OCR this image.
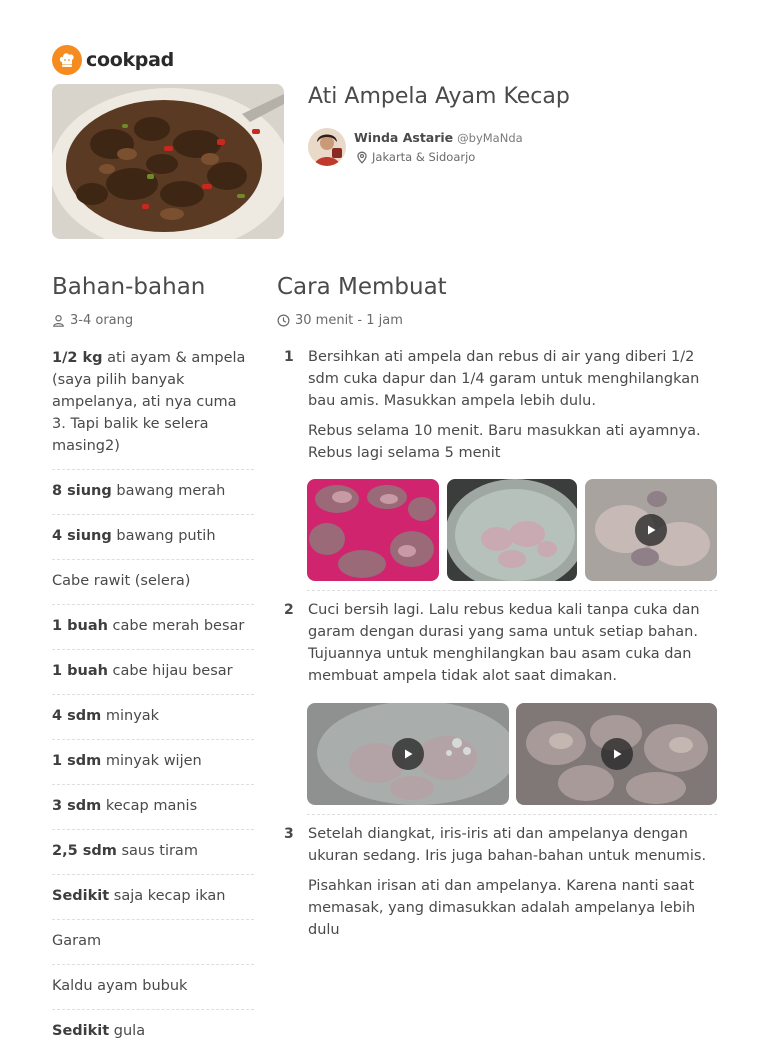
cookpad
Ati Ampela Ayam Kecap
Winda Astarie @byMaNda
Jakarta & Sidoarjo
Bahan-bahan
3-4 orang
1/2 kg ati ayam & ampela (saya pilih banyak ampelanya, ati nya cuma 3. Tapi balik ke selera masing2)
8 siung bawang merah
4 siung bawang putih
Cabe rawit (selera)
1 buah cabe merah besar
1 buah cabe hijau besar
4 sdm minyak
1 sdm minyak wijen
3 sdm kecap manis
2,5 sdm saus tiram
Sedikit saja kecap ikan
Garam
Kaldu ayam bubuk
Sedikit gula
Cara Membuat
30 menit - 1 jam
1 Bersihkan ati ampela dan rebus di air yang diberi 1/2 sdm cuka dapur dan 1/4 garam untuk menghilangkan bau amis. Masukkan ampela lebih dulu.

Rebus selama 10 menit. Baru masukkan ati ayamnya. Rebus lagi selama 5 menit

2 Cuci bersih lagi. Lalu rebus kedua kali tanpa cuka dan garam dengan durasi yang sama untuk setiap bahan. Tujuannya untuk menghilangkan bau asam cuka dan membuat ampela tidak alot saat dimakan.

3 Setelah diangkat, iris-iris ati dan ampelanya dengan ukuran sedang. Iris juga bahan-bahan untuk menumis.

Pisahkan irisan ati dan ampelanya. Karena nanti saat memasak, yang dimasukkan adalah ampelanya lebih dulu
